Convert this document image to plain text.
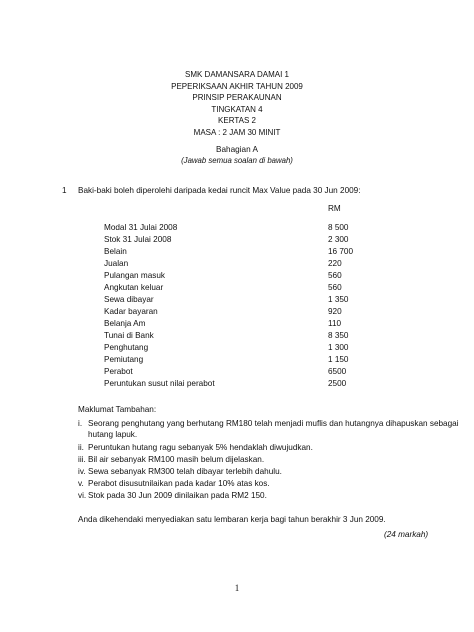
SMK DAMANSARA DAMAI 1
PEPERIKSAAN AKHIR TAHUN 2009
PRINSIP PERAKAUNAN
TINGKATAN 4
KERTAS 2
MASA : 2 JAM 30 MINIT
Bahagian A
(Jawab semua soalan di bawah)
1 Baki-baki boleh diperolehi daripada kedai runcit Max Value pada 30 Jun 2009:
RM
Modal 31 Julai 2008	8 500
Stok 31 Julai 2008	2 300
Belain	16 700
Jualan	220
Pulangan masuk	560
Angkutan keluar	560
Sewa dibayar	1 350
Kadar bayaran	920
Belanja Am	110
Tunai di Bank	8 350
Penghutang	1 300
Pemiutang	1 150
Perabot	6500
Peruntukan susut nilai perabot	2500
Maklumat Tambahan:
i. Seorang penghutang yang berhutang RM180 telah menjadi muflis dan hutangnya dihapuskan sebagai
hutang lapuk.
ii. Peruntukan hutang ragu sebanyak 5% hendaklah diwujudkan.
iii. Bil air sebanyak RM100 masih belum dijelaskan.
iv. Sewa sebanyak RM300 telah dibayar terlebih dahulu.
v. Perabot disusutnilaikan pada kadar 10% atas kos.
vi. Stok pada 30 Jun 2009 dinilaikan pada RM2 150.
Anda dikehendaki menyediakan satu lembaran kerja bagi tahun berakhir 3 Jun 2009.
(24 markah)
1
